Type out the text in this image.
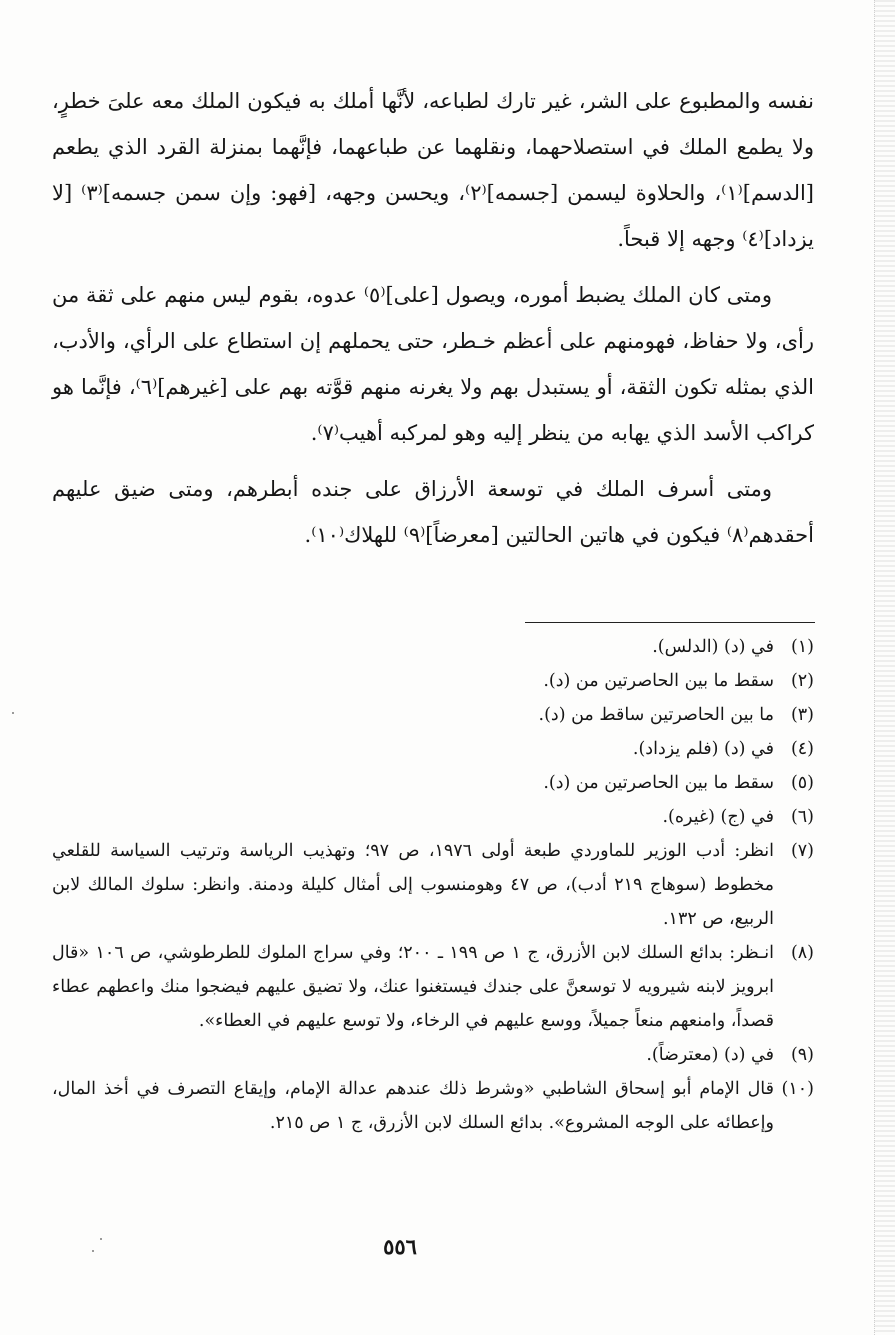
نفسه والمطبوع على الشر، غير تارك لطباعه، لأنَّها أملك به فيكون الملك معه علىَ خطرٍ، ولا يطمع الملك في استصلاحهما، ونقلهما عن طباعهما، فإنَّهما بمنزلة القرد الذي يطعم [الدسم]⁽١⁾، والحلاوة ليسمن [جسمه]⁽٢⁾، ويحسن وجهه، [فهو: وإن سمن جسمه]⁽٣⁾ [لا يزداد]⁽٤⁾ وجهه إلا قبحاً.

ومتى كان الملك يضبط أموره، ويصول [على]⁽٥⁾ عدوه، بقوم ليس منهم على ثقة من رأى، ولا حفاظ، فهومنهم على أعظم خـطر، حتى يحملهم إن استطاع على الرأي، والأدب، الذي بمثله تكون الثقة، أو يستبدل بهم ولا يغرنه منهم قوَّته بهم على [غيرهم]⁽٦⁾، فإنَّما هو كراكب الأسد الذي يهابه من ينظر إليه وهو لمركبه أهيب⁽٧⁾.

ومتى أسرف الملك في توسعة الأرزاق على جنده أبطرهم، ومتى ضيق عليهم أحقدهم⁽٨⁾ فيكون في هاتين الحالتين [معرضاً]⁽٩⁾ للهلاك⁽١٠⁾.

(١)
في (د) (الدلس).
(٢)
سقط ما بين الحاصرتين من (د).
(٣)
ما بين الحاصرتين ساقط من (د).
(٤)
في (د) (فلم يزداد).
(٥)
سقط ما بين الحاصرتين من (د).
(٦)
في (ج) (غيره).
(٧)
انظر: أدب الوزير للماوردي طبعة أولى ١٩٧٦، ص ٩٧؛ وتهذيب الرياسة وترتيب السياسة للقلعي مخطوط (سوهاج ٢١٩ أدب)، ص ٤٧ وهومنسوب إلى أمثال كليلة ودمنة. وانظر: سلوك المالك لابن الربيع، ص ١٣٢.
(٨)
انـظر: بدائع السلك لابن الأزرق، ج ١ ص ١٩٩ ـ ٢٠٠؛ وفي سراج الملوك للطرطوشي، ص ١٠٦ «قال ابرويز لابنه شيرويه لا توسعنَّ على جندك فيستغنوا عنك، ولا تضيق عليهم فيضجوا منك واعطهم عطاء قصداً، وامنعهم منعاً جميلاً، ووسع عليهم في الرخاء، ولا توسع عليهم في العطاء».
(٩)
في (د) (معترضاً).
(١٠)
قال الإمام أبو إسحاق الشاطبي «وشرط ذلك عندهم عدالة الإمام، وإيقاع التصرف في أخذ المال، وإعطائه على الوجه المشروع». بدائع السلك لابن الأزرق، ج ١ ص ٢١٥.
٥٥٦
